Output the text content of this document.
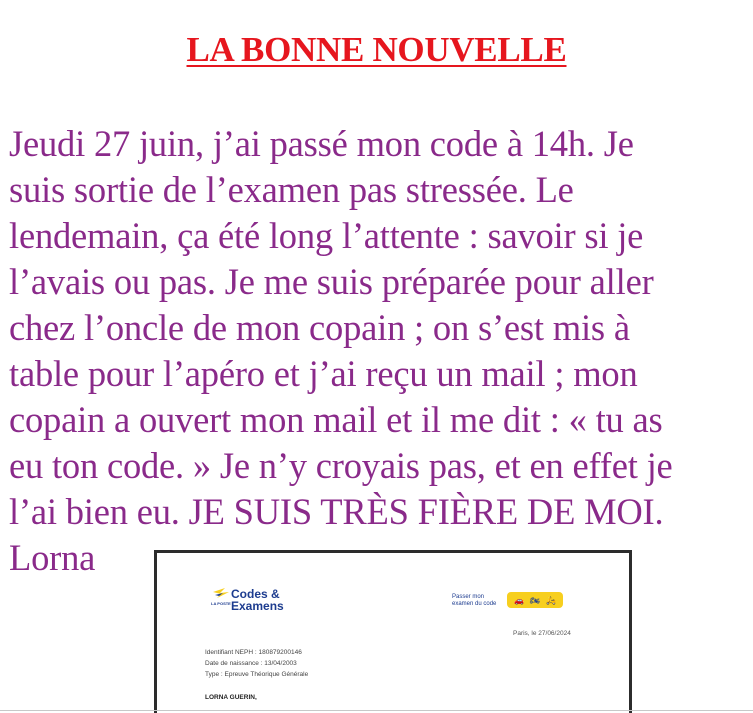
LA BONNE NOUVELLE
Jeudi 27 juin, j’ai passé mon code à 14h. Je
suis sortie de l’examen pas stressée. Le
lendemain, ça été long l’attente : savoir si je
l’avais ou pas. Je me suis préparée pour aller
chez l’oncle de mon copain ; on s’est mis à
table pour l’apéro et j’ai reçu un mail ; mon
copain a ouvert mon mail et il me dit : « tu as
eu ton code. » Je n’y croyais pas, et en effet je
l’ai bien eu. JE SUIS TRÈS FIÈRE DE MOI.
Lorna
Codes &
Examens
LA POSTE
Passer mon
examen du code	🚗 🏍 🛵
Paris, le 27/06/2024
Identifiant NEPH : 180879200146
Date de naissance : 13/04/2003
Type : Epreuve Théorique Générale
LORNA GUERIN,
